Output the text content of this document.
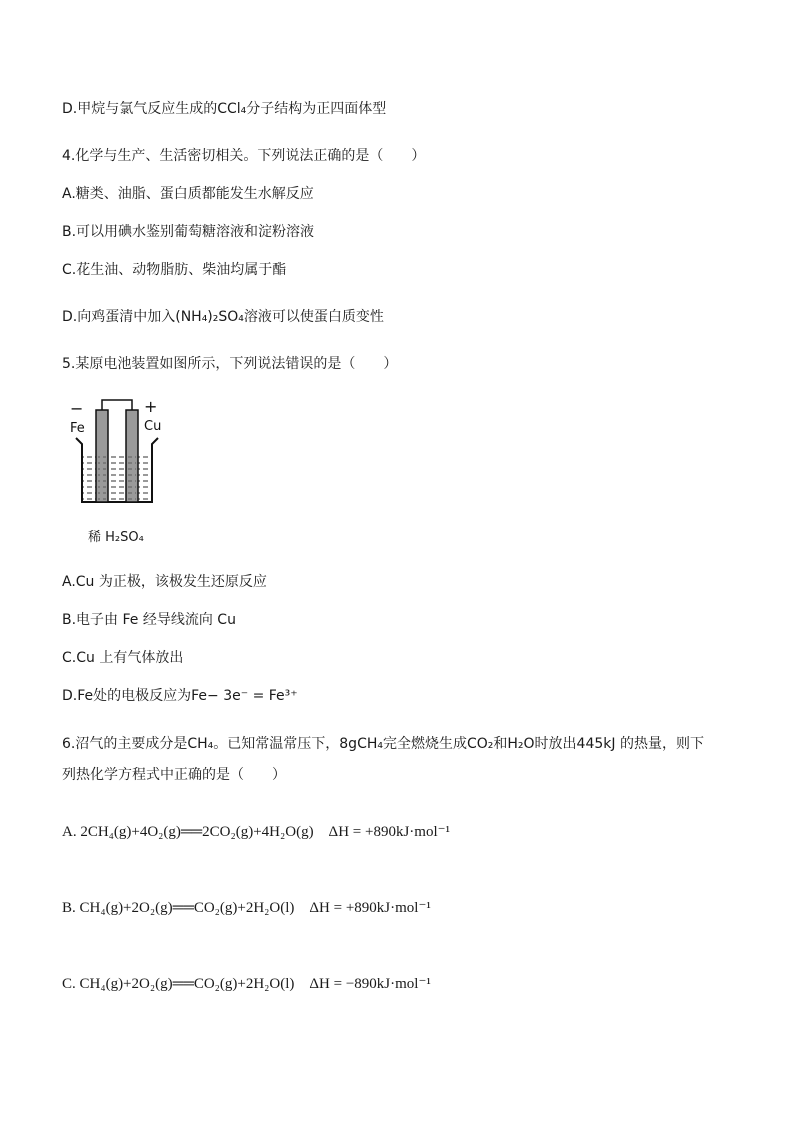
D.甲烷与氯气反应生成的CCl₄分子结构为正四面体型
4.化学与生产、生活密切相关。下列说法正确的是（　　）
A.糖类、油脂、蛋白质都能发生水解反应
B.可以用碘水鉴别葡萄糖溶液和淀粉溶液
C.花生油、动物脂肪、柴油均属于酯
D.向鸡蛋清中加入(NH₄)₂SO₄溶液可以使蛋白质变性
5.某原电池装置如图所示，下列说法错误的是（　　）
−	+
Fe	Cu
稀 H₂SO₄
A.Cu 为正极，该极发生还原反应
B.电子由 Fe 经导线流向 Cu
C.Cu 上有气体放出
D.Fe处的电极反应为Fe− 3e⁻ = Fe³⁺
6.沼气的主要成分是CH₄。已知常温常压下，8gCH₄完全燃烧生成CO₂和H₂O时放出445kJ 的热量，则下
列热化学方程式中正确的是（　　）
A. 2CH₄(g)+4O₂(g)══2CO₂(g)+4H₂O(g)　ΔH = +890kJ·mol⁻¹
B. CH₄(g)+2O₂(g)══CO₂(g)+2H₂O(l)　ΔH = +890kJ·mol⁻¹
C. CH₄(g)+2O₂(g)══CO₂(g)+2H₂O(l)　ΔH = −890kJ·mol⁻¹
